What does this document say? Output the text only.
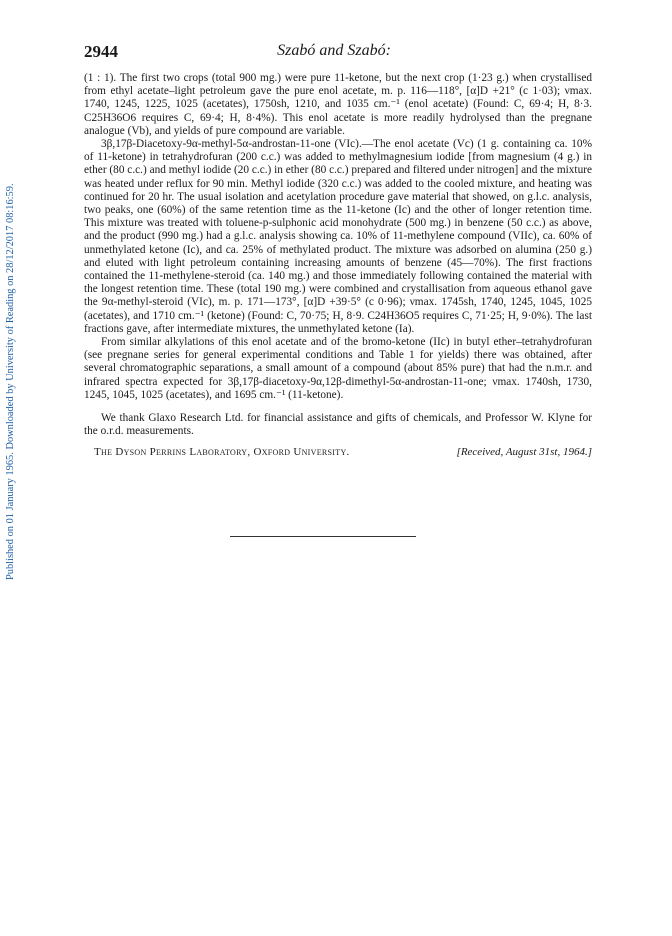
Published on 01 January 1965. Downloaded by University of Reading on 28/12/2017 08:16:59.
2944	Szabó and Szabó:

(1 : 1). The first two crops (total 900 mg.) were pure 11-ketone, but the next crop (1·23 g.) when crystallised from ethyl acetate–light petroleum gave the pure enol acetate, m. p. 116—118°, [α]D +21° (c 1·03); νmax. 1740, 1245, 1225, 1025 (acetates), 1750sh, 1210, and 1035 cm.⁻¹ (enol acetate) (Found: C, 69·4; H, 8·3. C25H36O6 requires C, 69·4; H, 8·4%). This enol acetate is more readily hydrolysed than the pregnane analogue (Vb), and yields of pure compound are variable.

3β,17β-Diacetoxy-9α-methyl-5α-androstan-11-one (VIc).—The enol acetate (Vc) (1 g. containing ca. 10% of 11-ketone) in tetrahydrofuran (200 c.c.) was added to methylmagnesium iodide [from magnesium (4 g.) in ether (80 c.c.) and methyl iodide (20 c.c.) in ether (80 c.c.) prepared and filtered under nitrogen] and the mixture was heated under reflux for 90 min. Methyl iodide (320 c.c.) was added to the cooled mixture, and heating was continued for 20 hr. The usual isolation and acetylation procedure gave material that showed, on g.l.c. analysis, two peaks, one (60%) of the same retention time as the 11-ketone (Ic) and the other of longer retention time. This mixture was treated with toluene-p-sulphonic acid monohydrate (500 mg.) in benzene (50 c.c.) as above, and the product (990 mg.) had a g.l.c. analysis showing ca. 10% of 11-methylene compound (VIIc), ca. 60% of unmethylated ketone (Ic), and ca. 25% of methylated product. The mixture was adsorbed on alumina (250 g.) and eluted with light petroleum containing increasing amounts of benzene (45—70%). The first fractions contained the 11-methylene-steroid (ca. 140 mg.) and those immediately following contained the material with the longest retention time. These (total 190 mg.) were combined and crystallisation from aqueous ethanol gave the 9α-methyl-steroid (VIc), m. p. 171—173°, [α]D +39·5° (c 0·96); νmax. 1745sh, 1740, 1245, 1045, 1025 (acetates), and 1710 cm.⁻¹ (ketone) (Found: C, 70·75; H, 8·9. C24H36O5 requires C, 71·25; H, 9·0%). The last fractions gave, after intermediate mixtures, the unmethylated ketone (Ia).

From similar alkylations of this enol acetate and of the bromo-ketone (IIc) in butyl ether–tetrahydrofuran (see pregnane series for general experimental conditions and Table 1 for yields) there was obtained, after several chromatographic separations, a small amount of a compound (about 85% pure) that had the n.m.r. and infrared spectra expected for 3β,17β-diacetoxy-9α,12β-dimethyl-5α-androstan-11-one; νmax. 1740sh, 1730, 1245, 1045, 1025 (acetates), and 1695 cm.⁻¹ (11-ketone).

We thank Glaxo Research Ltd. for financial assistance and gifts of chemicals, and Professor W. Klyne for the o.r.d. measurements.

The Dyson Perrins Laboratory, Oxford University.	[Received, August 31st, 1964.]
